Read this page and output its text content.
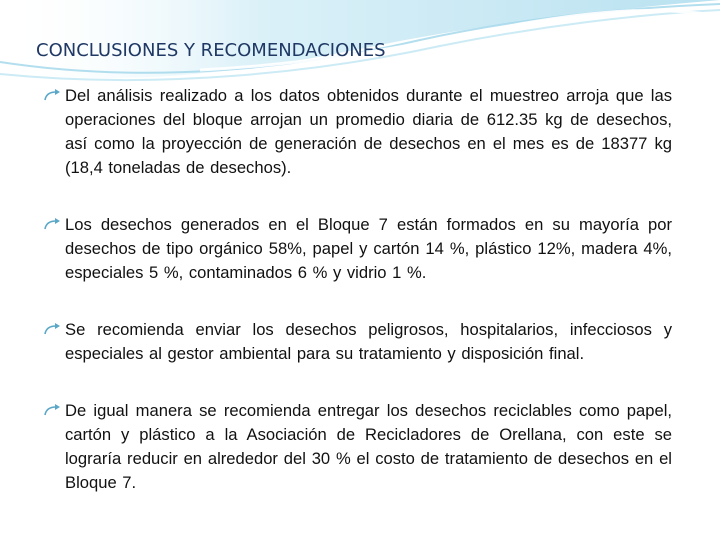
CONCLUSIONES Y RECOMENDACIONES
Del análisis realizado a los datos obtenidos durante el muestreo arroja que las operaciones del bloque arrojan un promedio diaria de 612.35 kg de desechos, así como la proyección de generación de desechos en el mes es de 18377 kg (18,4 toneladas de desechos).
Los desechos generados en el Bloque 7 están formados en su mayoría por desechos de tipo orgánico 58%, papel y cartón 14 %, plástico 12%, madera 4%, especiales 5 %, contaminados 6 % y vidrio 1 %.
Se recomienda enviar los desechos peligrosos, hospitalarios, infecciosos y especiales al gestor ambiental para su tratamiento y disposición final.
De igual manera se recomienda entregar los desechos reciclables como papel, cartón y plástico a la Asociación de Recicladores de Orellana, con este se lograría reducir en alrededor del 30 % el costo de tratamiento de desechos en el Bloque 7.
